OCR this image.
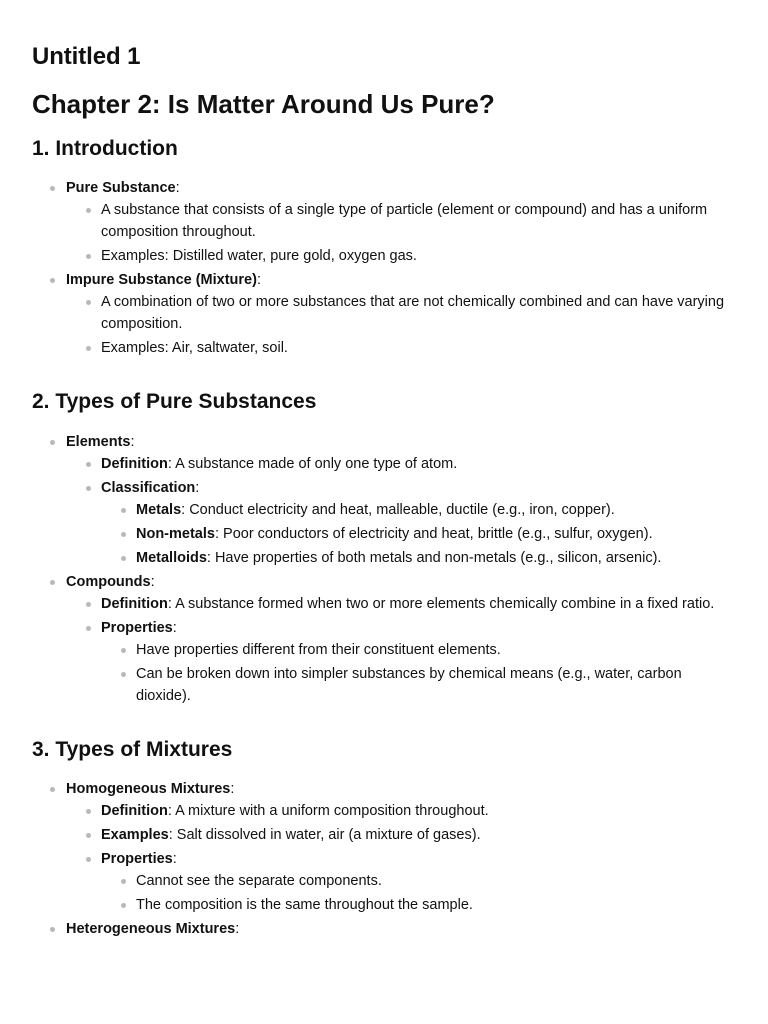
Untitled 1
Chapter 2: Is Matter Around Us Pure?
1. Introduction
Pure Substance:
A substance that consists of a single type of particle (element or compound) and has a uniform composition throughout.
Examples: Distilled water, pure gold, oxygen gas.
Impure Substance (Mixture):
A combination of two or more substances that are not chemically combined and can have varying composition.
Examples: Air, saltwater, soil.
2. Types of Pure Substances
Elements:
Definition: A substance made of only one type of atom.
Classification:
Metals: Conduct electricity and heat, malleable, ductile (e.g., iron, copper).
Non-metals: Poor conductors of electricity and heat, brittle (e.g., sulfur, oxygen).
Metalloids: Have properties of both metals and non-metals (e.g., silicon, arsenic).
Compounds:
Definition: A substance formed when two or more elements chemically combine in a fixed ratio.
Properties:
Have properties different from their constituent elements.
Can be broken down into simpler substances by chemical means (e.g., water, carbon dioxide).
3. Types of Mixtures
Homogeneous Mixtures:
Definition: A mixture with a uniform composition throughout.
Examples: Salt dissolved in water, air (a mixture of gases).
Properties:
Cannot see the separate components.
The composition is the same throughout the sample.
Heterogeneous Mixtures:
